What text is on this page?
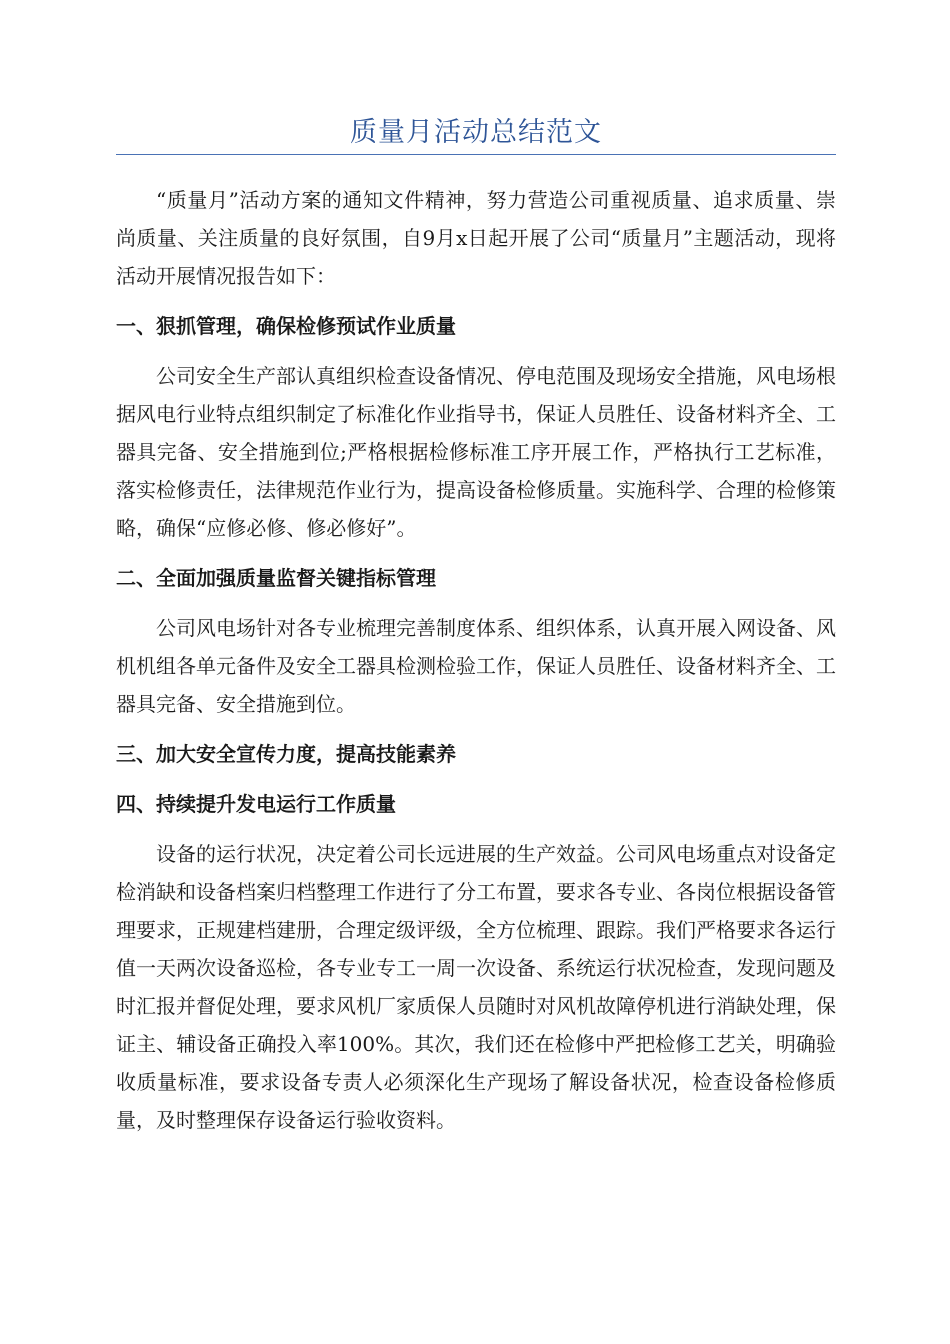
质量月活动总结范文

“质量月”活动方案的通知文件精神，努力营造公司重视质量、追求质量、崇尚质量、关注质量的良好氛围，自9月x日起开展了公司“质量月”主题活动，现将活动开展情况报告如下：

一、狠抓管理，确保检修预试作业质量

公司安全生产部认真组织检查设备情况、停电范围及现场安全措施，风电场根据风电行业特点组织制定了标准化作业指导书，保证人员胜任、设备材料齐全、工器具完备、安全措施到位;严格根据检修标准工序开展工作，严格执行工艺标准，落实检修责任，法律规范作业行为，提高设备检修质量。实施科学、合理的检修策略，确保“应修必修、修必修好”。

二、全面加强质量监督关键指标管理

公司风电场针对各专业梳理完善制度体系、组织体系，认真开展入网设备、风机机组各单元备件及安全工器具检测检验工作，保证人员胜任、设备材料齐全、工器具完备、安全措施到位。

三、加大安全宣传力度，提高技能素养
四、持续提升发电运行工作质量

设备的运行状况，决定着公司长远进展的生产效益。公司风电场重点对设备定检消缺和设备档案归档整理工作进行了分工布置，要求各专业、各岗位根据设备管理要求，正规建档建册，合理定级评级，全方位梳理、跟踪。我们严格要求各运行值一天两次设备巡检，各专业专工一周一次设备、系统运行状况检查，发现问题及时汇报并督促处理，要求风机厂家质保人员随时对风机故障停机进行消缺处理，保证主、辅设备正确投入率100%。其次，我们还在检修中严把检修工艺关，明确验收质量标准，要求设备专责人必须深化生产现场了解设备状况，检查设备检修质量，及时整理保存设备运行验收资料。
